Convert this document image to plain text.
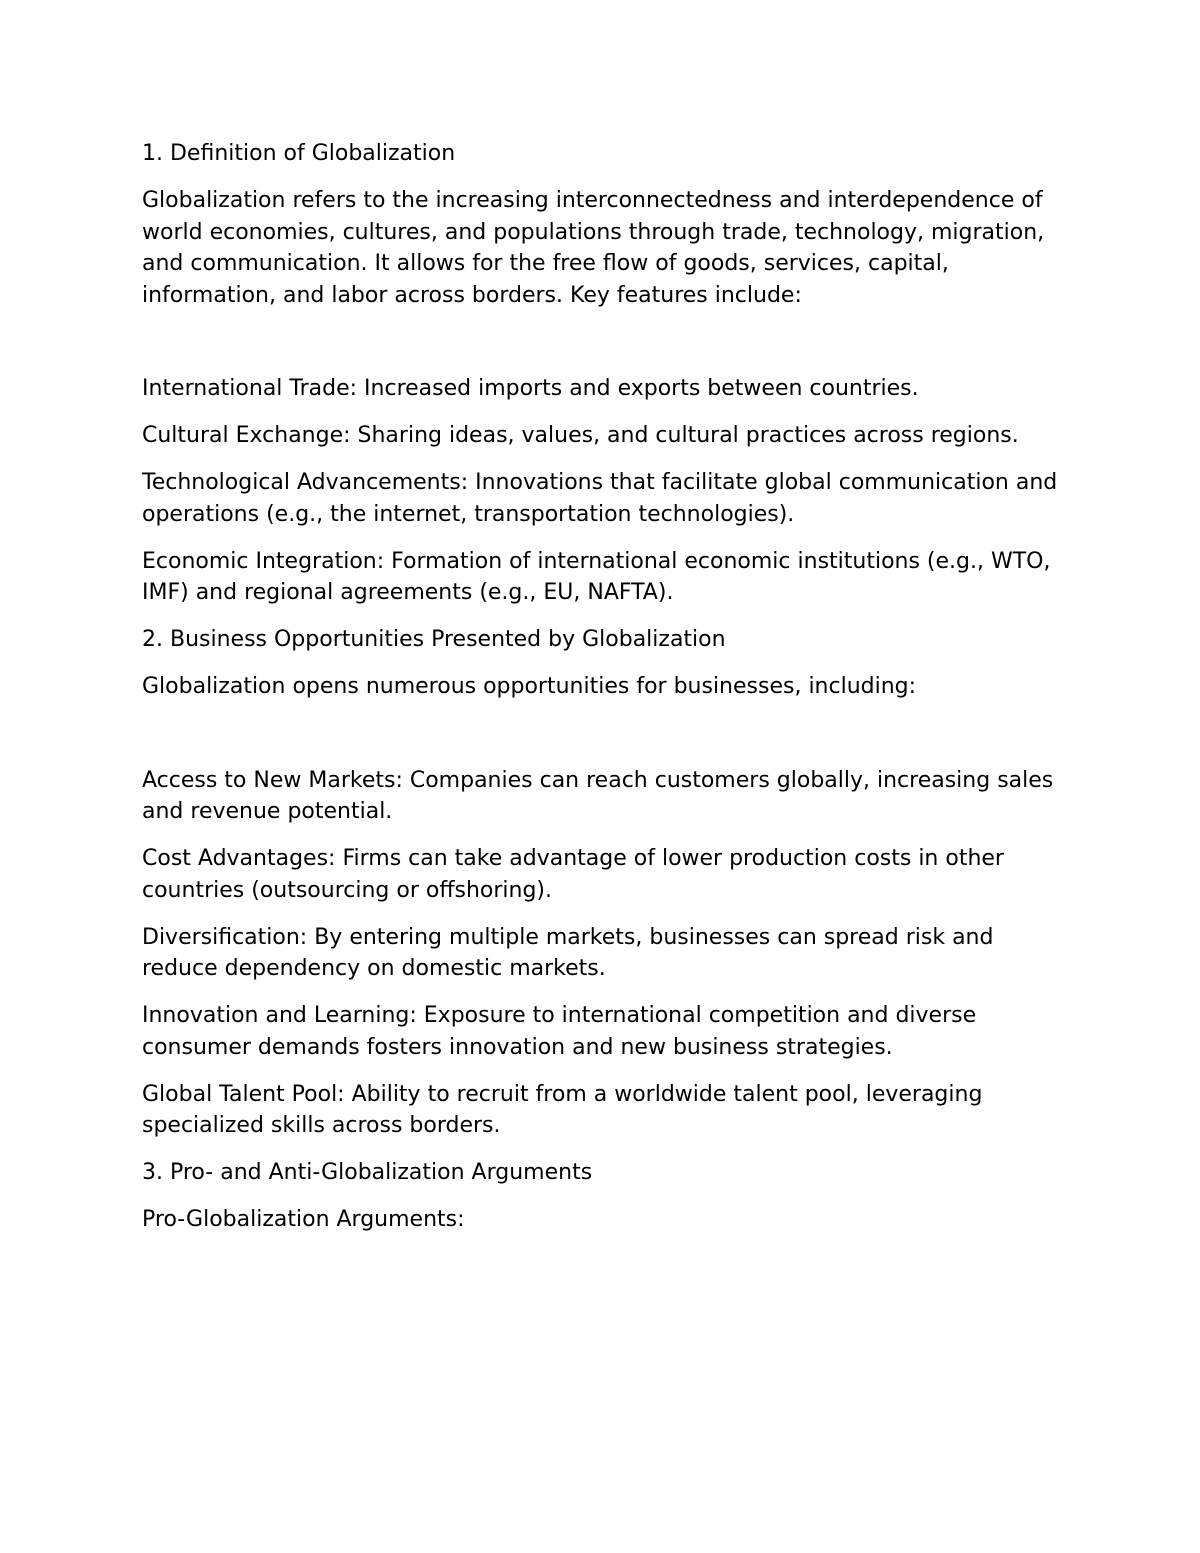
1. Definition of Globalization

Globalization refers to the increasing interconnectedness and interdependence of world economies, cultures, and populations through trade, technology, migration, and communication. It allows for the free flow of goods, services, capital, information, and labor across borders. Key features include:

International Trade: Increased imports and exports between countries.

Cultural Exchange: Sharing ideas, values, and cultural practices across regions.

Technological Advancements: Innovations that facilitate global communication and operations (e.g., the internet, transportation technologies).

Economic Integration: Formation of international economic institutions (e.g., WTO, IMF) and regional agreements (e.g., EU, NAFTA).

2. Business Opportunities Presented by Globalization

Globalization opens numerous opportunities for businesses, including:

Access to New Markets: Companies can reach customers globally, increasing sales and revenue potential.

Cost Advantages: Firms can take advantage of lower production costs in other countries (outsourcing or offshoring).

Diversification: By entering multiple markets, businesses can spread risk and reduce dependency on domestic markets.

Innovation and Learning: Exposure to international competition and diverse consumer demands fosters innovation and new business strategies.

Global Talent Pool: Ability to recruit from a worldwide talent pool, leveraging specialized skills across borders.

3. Pro- and Anti-Globalization Arguments

Pro-Globalization Arguments:
